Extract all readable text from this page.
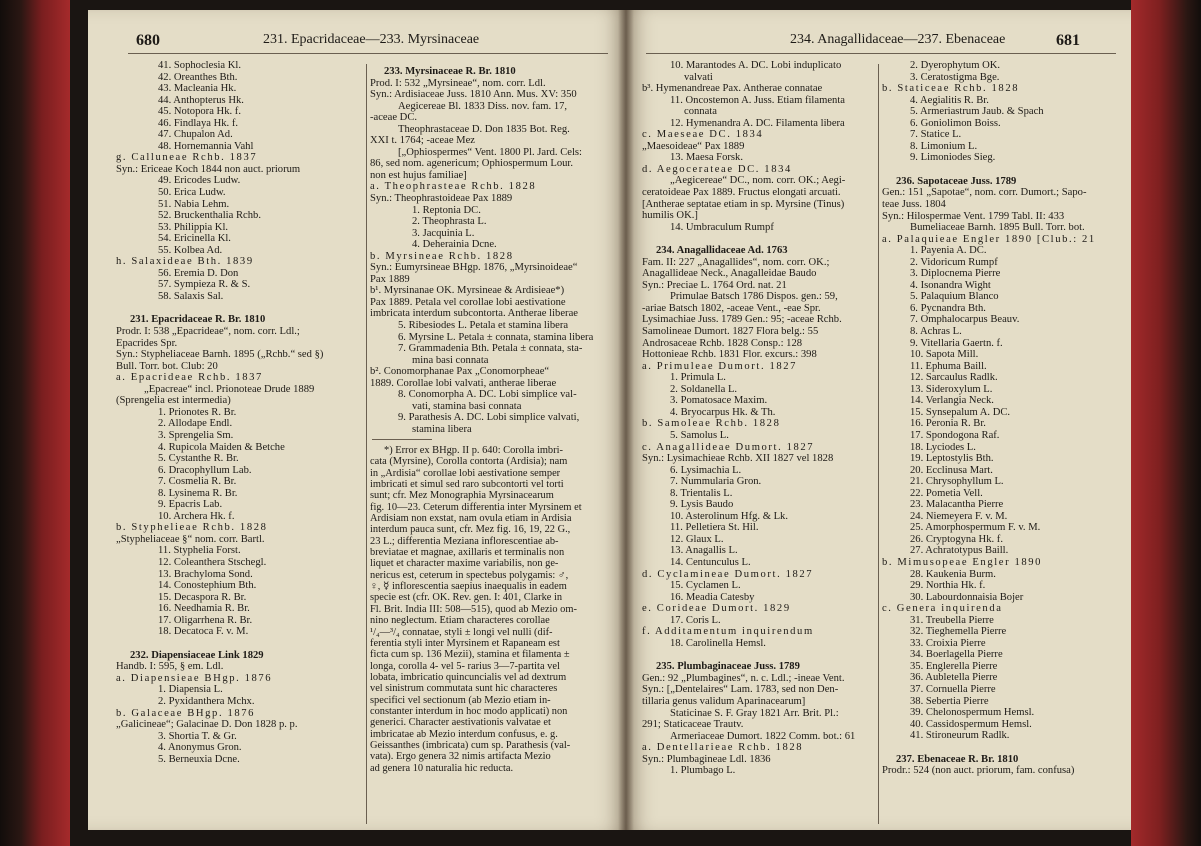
680	231. Epacridaceae—233. Myrsinaceae
41. Sophoclesia Kl.
42. Oreanthes Bth.
43. Macleania Hk.
44. Anthopterus Hk.
45. Notopora Hk. f.
46. Findlaya Hk. f.
47. Chupalon Ad.
48. Hornemannia Vahl
g. Calluneae Rchb. 1837
Syn.: Ericeae Koch 1844 non auct. priorum
49. Ericodes Ludw.
50. Erica Ludw.
51. Nabia Lehm.
52. Bruckenthalia Rchb.
53. Philippia Kl.
54. Ericinella Kl.
55. Kolbea Ad.
h. Salaxideae Bth. 1839
56. Eremia D. Don
57. Sympieza R. & S.
58. Salaxis Sal.
231. Epacridaceae R. Br. 1810
Prodr. I: 538 „Epacrideae“, nom. corr. Ldl.;
Epacrides Spr.
Syn.: Stypheliaceae Barnh. 1895 („Rchb.“ sed §)
Bull. Torr. bot. Club: 20
a. Epacrideae Rchb. 1837
„Epacreae“ incl. Prionoteae Drude 1889
(Sprengelia est intermedia)
1. Prionotes R. Br.
2. Allodape Endl.
3. Sprengelia Sm.
4. Rupicola Maiden & Betche
5. Cystanthe R. Br.
6. Dracophyllum Lab.
7. Cosmelia R. Br.
8. Lysinema R. Br.
9. Epacris Lab.
10. Archera Hk. f.
b. Styphelieae Rchb. 1828
„Stypheliaceae §“ nom. corr. Bartl.
11. Styphelia Forst.
12. Coleanthera Stschegl.
13. Brachyloma Sond.
14. Conostephium Bth.
15. Decaspora R. Br.
16. Needhamia R. Br.
17. Oligarrhena R. Br.
18. Decatoca F. v. M.
232. Diapensiaceae Link 1829
Handb. I: 595, § em. Ldl.
a. Diapensieae BHgp. 1876
1. Diapensia L.
2. Pyxidanthera Mchx.
b. Galaceae BHgp. 1876
„Galicineae“; Galacinae D. Don 1828 p. p.
3. Shortia T. & Gr.
4. Anonymus Gron.
5. Berneuxia Dcne.
233. Myrsinaceae R. Br. 1810
Prod. I: 532 „Myrsineae“, nom. corr. Ldl.
Syn.: Ardisiaceae Juss. 1810 Ann. Mus. XV: 350
Aegicereae Bl. 1833 Diss. nov. fam. 17,
-aceae DC.
Theophrastaceae D. Don 1835 Bot. Reg.
XXI t. 1764; -aceae Mez
[„Ophiospermes“ Vent. 1800 Pl. Jard. Cels:
86, sed nom. agenericum; Ophiospermum Lour.
non est hujus familiae]
a. Theophrasteae Rchb. 1828
Syn.: Theophrastoideae Pax 1889
1. Reptonia DC.
2. Theophrasta L.
3. Jacquinia L.
4. Deherainia Dcne.
b. Myrsineae Rchb. 1828
Syn.: Eumyrsineae BHgp. 1876, „Myrsinoideae“
Pax 1889
b¹. Myrsinanae OK. Myrsineae & Ardisieae*)
Pax 1889. Petala vel corollae lobi aestivatione
imbricata interdum subcontorta. Antherae liberae
5. Ribesiodes L. Petala et stamina libera
6. Myrsine L. Petala ± connata, stamina libera
7. Grammadenia Bth. Petala ± connata, sta-
mina basi connata
b². Conomorphanae Pax „Conomorpheae“
1889. Corollae lobi valvati, antherae liberae
8. Conomorpha A. DC. Lobi simplice val-
vati, stamina basi connata
9. Parathesis A. DC. Lobi simplice valvati,
stamina libera
*) Error ex BHgp. II p. 640: Corolla imbri-
cata (Myrsine), Corolla contorta (Ardisia); nam
in „Ardisia“ corollae lobi aestivatione semper
imbricati et simul sed raro subcontorti vel torti
sunt; cfr. Mez Monographia Myrsinacearum
fig. 10—23. Ceterum differentia inter Myrsinem et
Ardisiam non exstat, nam ovula etiam in Ardisia
interdum pauca sunt, cfr. Mez fig. 16, 19, 22 G.,
23 L.; differentia Meziana inflorescentiae ab-
breviatae et magnae, axillaris et terminalis non
liquet et character maxime variabilis, non ge-
nericus est, ceterum in spectebus polygamis: ♂,
♀, ☿ inflorescentia saepius inaequalis in eadem
specie est (cfr. OK. Rev. gen. I: 401, Clarke in
Fl. Brit. India III: 508—515), quod ab Mezio om-
nino neglectum. Etiam characteres corollae
¹/₄—³/₄ connatae, styli ± longi vel nulli (dif-
ferentia styli inter Myrsinem et Rapaneam est
ficta cum sp. 136 Mezii), stamina et filamenta ±
longa, corolla 4- vel 5- rarius 3—7-partita vel
lobata, imbricatio quincuncialis vel ad dextrum
vel sinistrum commutata sunt hic characteres
specifici vel sectionum (ab Mezio etiam in-
constanter interdum in hoc modo applicati) non
generici. Character aestivationis valvatae et
imbricatae ab Mezio interdum confusus, e. g.
Geissanthes (imbricata) cum sp. Parathesis (val-
vata). Ergo genera 32 nimis artifacta Mezio
ad genera 10 naturalia hic reducta.
234. Anagallidaceae—237. Ebenaceae	681
10. Marantodes A. DC. Lobi induplicato
valvati
b³. Hymenandreae Pax. Antherae connatae
11. Oncostemon A. Juss. Etiam filamenta
connata
12. Hymenandra A. DC. Filamenta libera
c. Maeseae DC. 1834
„Maesoideae“ Pax 1889
13. Maesa Forsk.
d. Aegocerateae DC. 1834
„Aegicereae“ DC., nom. corr. OK.; Aegi-
ceratoideae Pax 1889. Fructus elongati arcuati.
[Antherae septatae etiam in sp. Myrsine (Tinus)
humilis OK.]
14. Umbraculum Rumpf
234. Anagallidaceae Ad. 1763
Fam. II: 227 „Anagallides“, nom. corr. OK.;
Anagallideae Neck., Anagalleidae Baudo
Syn.: Preciae L. 1764 Ord. nat. 21
Primulae Batsch 1786 Dispos. gen.: 59,
-ariae Batsch 1802, -aceae Vent., -eae Spr.
Lysimachiae Juss. 1789 Gen.: 95; -aceae Rchb.
Samolineae Dumort. 1827 Flora belg.: 55
Androsaceae Rchb. 1828 Consp.: 128
Hottonieae Rchb. 1831 Flor. excurs.: 398
a. Primuleae Dumort. 1827
1. Primula L.
2. Soldanella L.
3. Pomatosace Maxim.
4. Bryocarpus Hk. & Th.
b. Samoleae Rchb. 1828
5. Samolus L.
c. Anagallideae Dumort. 1827
Syn.: Lysimachieae Rchb. XII 1827 vel 1828
6. Lysimachia L.
7. Nummularia Gron.
8. Trientalis L.
9. Lysis Baudo
10. Asterolinum Hfg. & Lk.
11. Pelletiera St. Hil.
12. Glaux L.
13. Anagallis L.
14. Centunculus L.
d. Cyclamineae Dumort. 1827
15. Cyclamen L.
16. Meadia Catesby
e. Corideae Dumort. 1829
17. Coris L.
f. Additamentum inquirendum
18. Carolinella Hemsl.
235. Plumbaginaceae Juss. 1789
Gen.: 92 „Plumbagines“, n. c. Ldl.; -ineae Vent.
Syn.: [„Dentelaires“ Lam. 1783, sed non Den-
tillaria genus validum Aparinacearum]
Staticinae S. F. Gray 1821 Arr. Brit. Pl.:
291; Staticaceae Trautv.
Armeriaceae Dumort. 1822 Comm. bot.: 61
a. Dentellarieae Rchb. 1828
Syn.: Plumbagineae Ldl. 1836
1. Plumbago L.
2. Dyerophytum OK.
3. Ceratostigma Bge.
b. Staticeae Rchb. 1828
4. Aegialitis R. Br.
5. Armeriastrum Jaub. & Spach
6. Goniolimon Boiss.
7. Statice L.
8. Limonium L.
9. Limoniodes Sieg.
236. Sapotaceae Juss. 1789
Gen.: 151 „Sapotae“, nom. corr. Dumort.; Sapo-
teae Juss. 1804
Syn.: Hilospermae Vent. 1799 Tabl. II: 433
Bumeliaceae Barnh. 1895 Bull. Torr. bot.
a. Palaquieae Engler 1890 [Club.: 21
1. Payenia A. DC.
2. Vidoricum Rumpf
3. Diplocnema Pierre
4. Isonandra Wight
5. Palaquium Blanco
6. Pycnandra Bth.
7. Omphalocarpus Beauv.
8. Achras L.
9. Vitellaria Gaertn. f.
10. Sapota Mill.
11. Ephuma Baill.
12. Sarcaulus Radlk.
13. Sideroxylum L.
14. Verlangia Neck.
15. Synsepalum A. DC.
16. Peronia R. Br.
17. Spondogona Raf.
18. Lyciodes L.
19. Leptostylis Bth.
20. Ecclinusa Mart.
21. Chrysophyllum L.
22. Pometia Vell.
23. Malacantha Pierre
24. Niemeyera F. v. M.
25. Amorphospermum F. v. M.
26. Cryptogyna Hk. f.
27. Achratotypus Baill.
b. Mimusopeae Engler 1890
28. Kaukenia Burm.
29. Northia Hk. f.
30. Labourdonnaisia Bojer
c. Genera inquirenda
31. Treubella Pierre
32. Tieghemella Pierre
33. Croixia Pierre
34. Boerlagella Pierre
35. Englerella Pierre
36. Aubletella Pierre
37. Cornuella Pierre
38. Sebertia Pierre
39. Chelonospermum Hemsl.
40. Cassidospermum Hemsl.
41. Stironeurum Radlk.
237. Ebenaceae R. Br. 1810
Prodr.: 524 (non auct. priorum, fam. confusa)
